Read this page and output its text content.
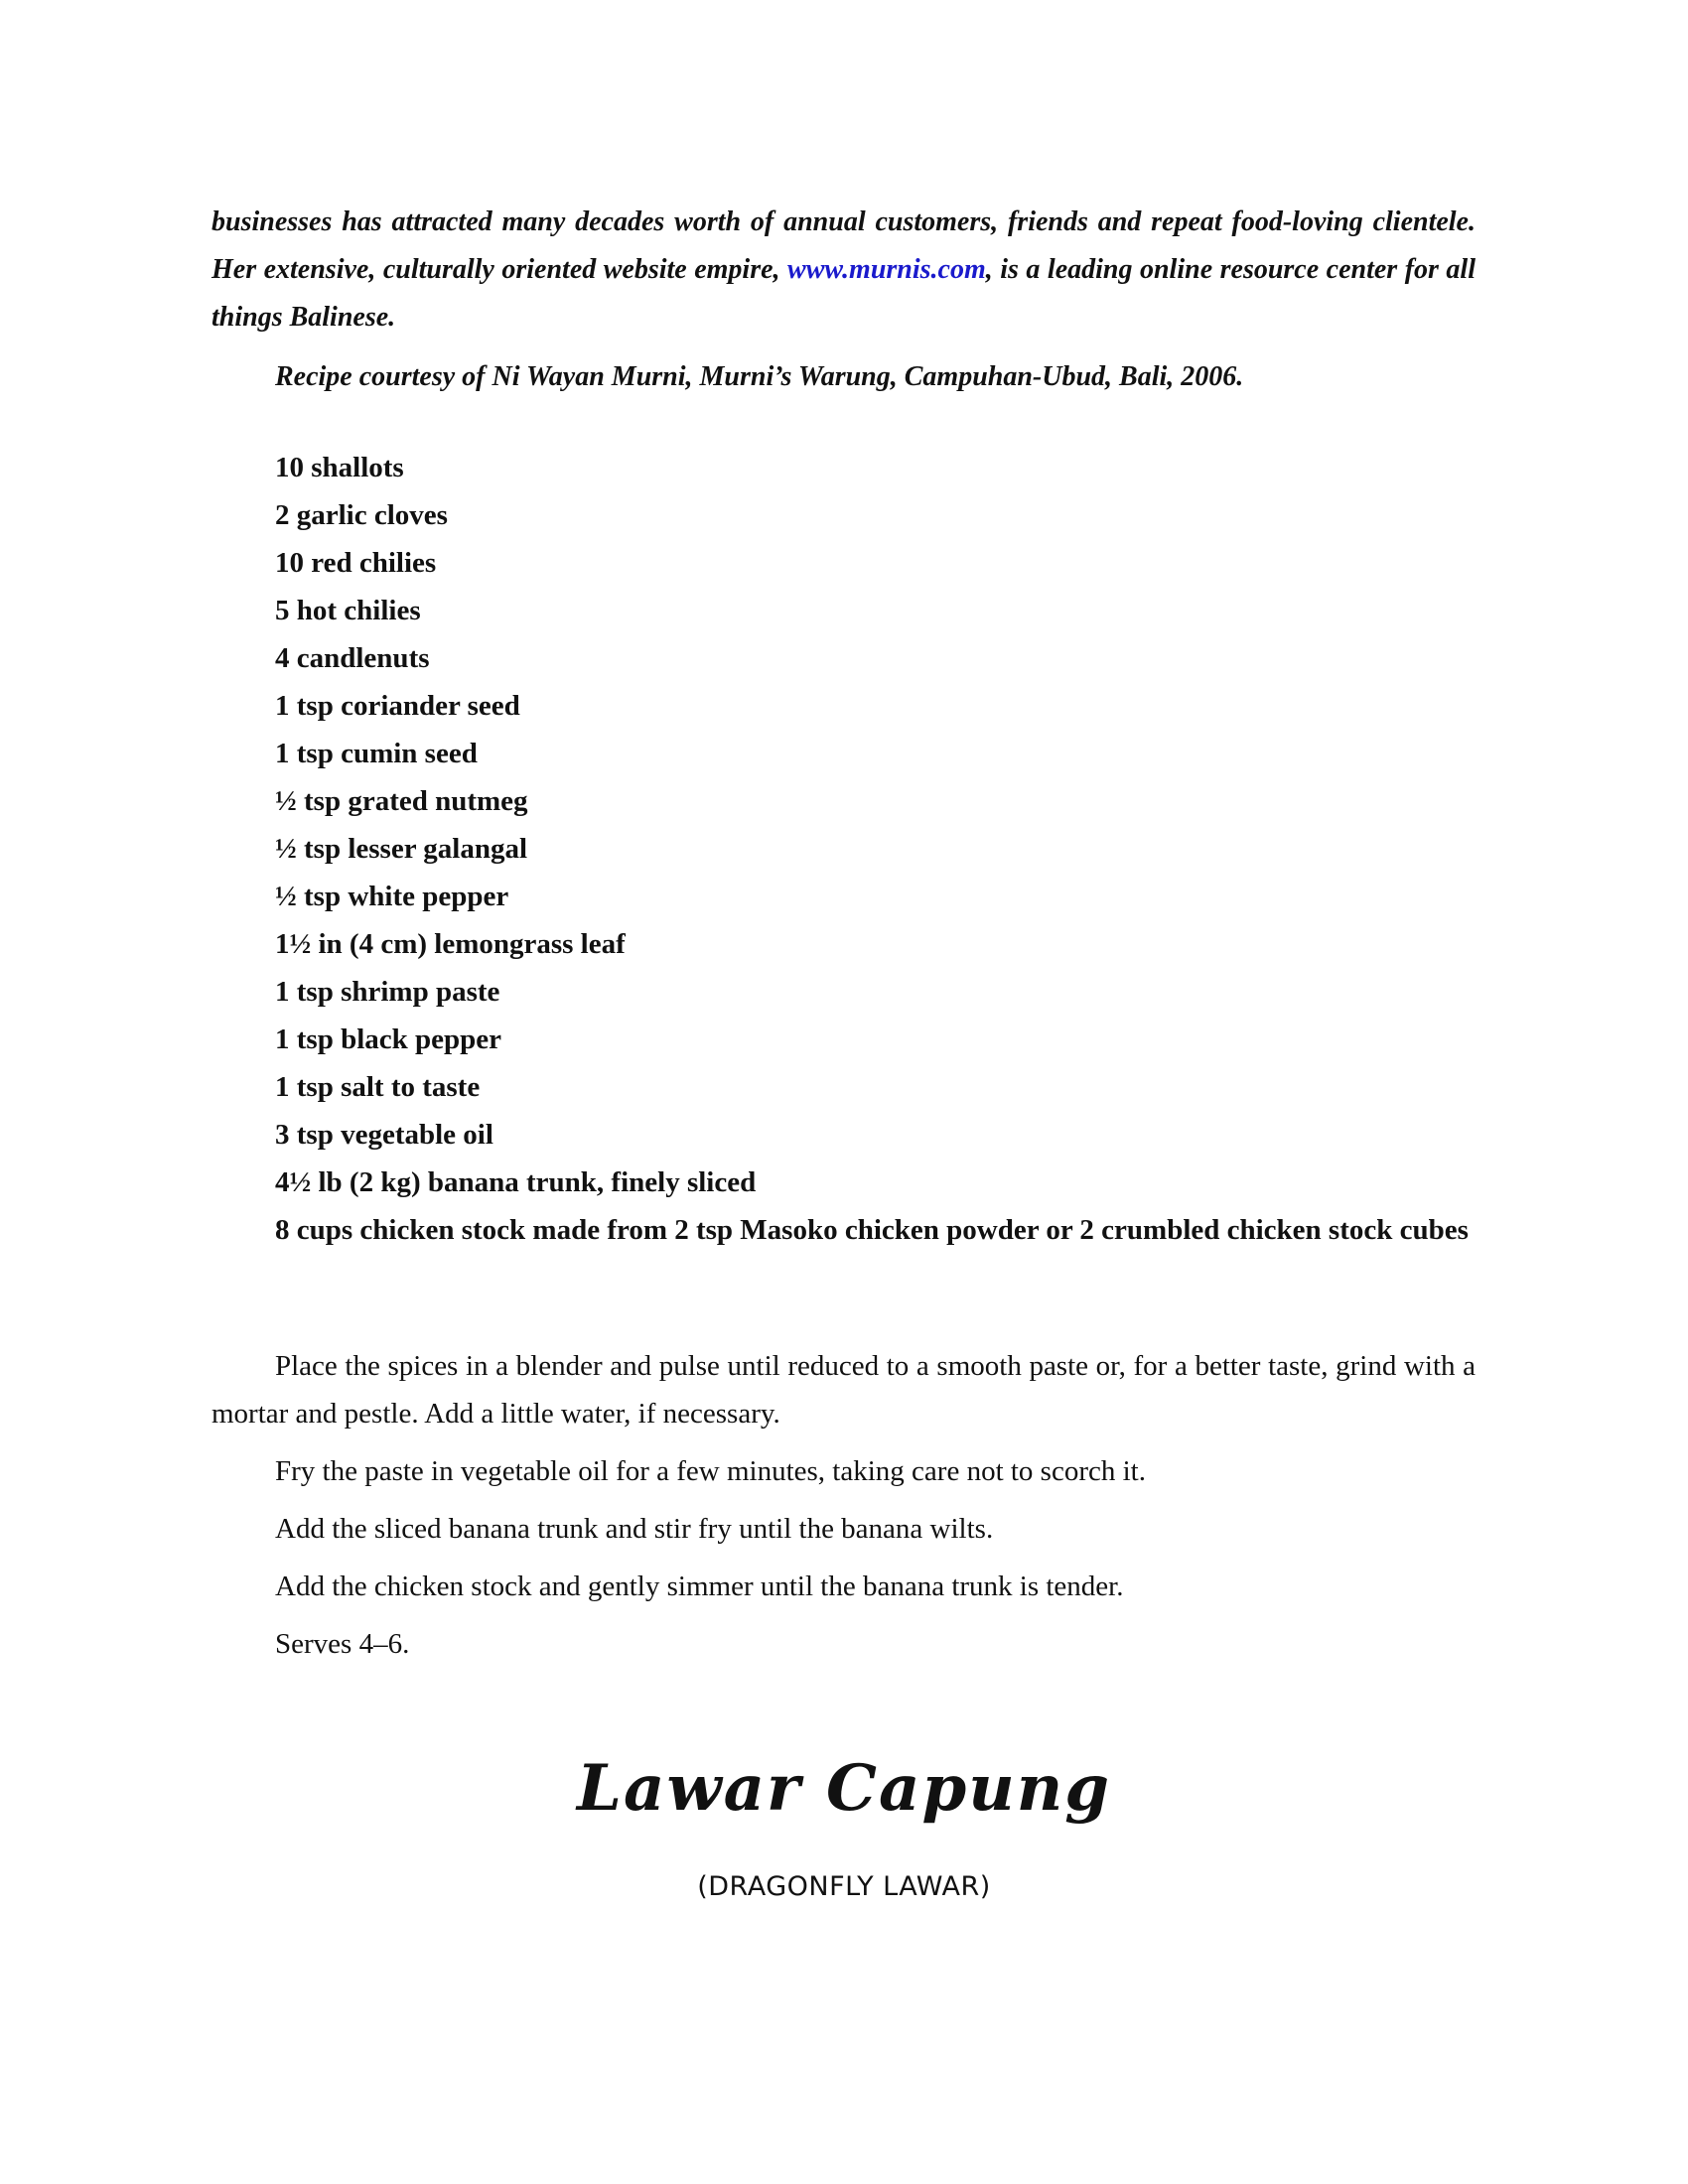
businesses has attracted many decades worth of annual customers, friends and repeat food-loving clientele. Her extensive, culturally oriented website empire, www.murnis.com, is a leading online resource center for all things Balinese.

Recipe courtesy of Ni Wayan Murni, Murni’s Warung, Campuhan-Ubud, Bali, 2006.

10 shallots
2 garlic cloves
10 red chilies
5 hot chilies
4 candlenuts
1 tsp coriander seed
1 tsp cumin seed
½ tsp grated nutmeg
½ tsp lesser galangal
½ tsp white pepper
1½ in (4 cm) lemongrass leaf
1 tsp shrimp paste
1 tsp black pepper
1 tsp salt to taste
3 tsp vegetable oil
4½ lb (2 kg) banana trunk, finely sliced
8 cups chicken stock made from 2 tsp Masoko chicken powder or 2 crumbled chicken stock cubes

Place the spices in a blender and pulse until reduced to a smooth paste or, for a better taste, grind with a mortar and pestle. Add a little water, if necessary.

Fry the paste in vegetable oil for a few minutes, taking care not to scorch it.

Add the sliced banana trunk and stir fry until the banana wilts.

Add the chicken stock and gently simmer until the banana trunk is tender.

Serves 4–6.

Lawar Capung

(DRAGONFLY LAWAR)
